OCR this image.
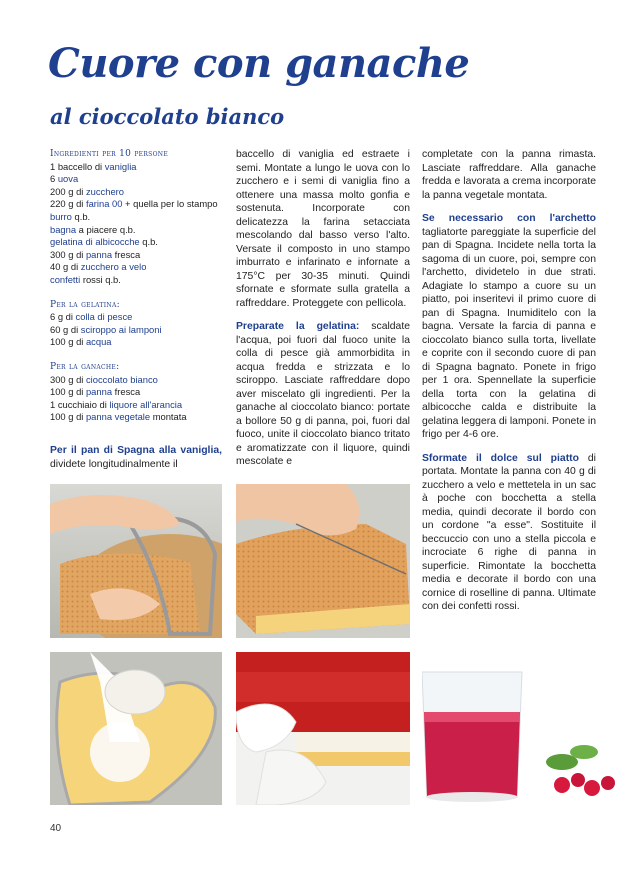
Cuore con ganache
al cioccolato bianco
Ingredienti per 10 persone
1 baccello di vaniglia
6 uova
200 g di zucchero
220 g di farina 00 + quella per lo stampo
burro q.b.
bagna a piacere q.b.
gelatina di albicocche q.b.
300 g di panna fresca
40 g di zucchero a velo
confetti rossi q.b.
Per la gelatina:
6 g di colla di pesce
60 g di sciroppo ai lamponi
100 g di acqua
Per la ganache:
300 g di cioccolato bianco
100 g di panna fresca
1 cucchiaio di liquore all'arancia
100 g di panna vegetale montata

Per il pan di Spagna alla vaniglia, dividete longitudinalmente il

baccello di vaniglia ed estraete i semi. Montate a lungo le uova con lo zucchero e i semi di vaniglia fino a ottenere una massa molto gonfia e sostenuta. Incorporate con delicatezza la farina setacciata mescolando dal basso verso l'alto. Versate il composto in uno stampo imburrato e infarinato e infornate a 175°C per 30-35 minuti. Quindi sfornate e sformate sulla gratella a raffreddare. Proteggete con pellicola.

Preparate la gelatina: scaldate l'acqua, poi fuori dal fuoco unite la colla di pesce già ammorbidita in acqua fredda e strizzata e lo sciroppo. Lasciate raffreddare dopo aver miscelato gli ingredienti. Per la ganache al cioccolato bianco: portate a bollore 50 g di panna, poi, fuori dal fuoco, unite il cioccolato bianco tritato e aromatizzate con il liquore, quindi mescolate e

completate con la panna rimasta. Lasciate raffreddare. Alla ganache fredda e lavorata a crema incorporate la panna vegetale montata.

Se necessario con l'archetto tagliatorte pareggiate la superficie del pan di Spagna. Incidete nella torta la sagoma di un cuore, poi, sempre con l'archetto, dividetelo in due strati. Adagiate lo stampo a cuore su un piatto, poi inseritevi il primo cuore di pan di Spagna. Inumiditelo con la bagna. Versate la farcia di panna e cioccolato bianco sulla torta, livellate e coprite con il secondo cuore di pan di Spagna bagnato. Ponete in frigo per 1 ora. Spennellate la superficie della torta con la gelatina di albicocche calda e distribuite la gelatina leggera di lamponi. Ponete in frigo per 4-6 ore.

Sformate il dolce sul piatto di portata. Montate la panna con 40 g di zucchero a velo e mettetela in un sac à poche con bocchetta a stella media, quindi decorate il bordo con un cordone "a esse". Sostituite il beccuccio con uno a stella piccola e incrociate 6 righe di panna in superficie. Rimontate la bocchetta media e decorate il bordo con una cornice di roselline di panna. Ultimate con dei confetti rossi.

40
